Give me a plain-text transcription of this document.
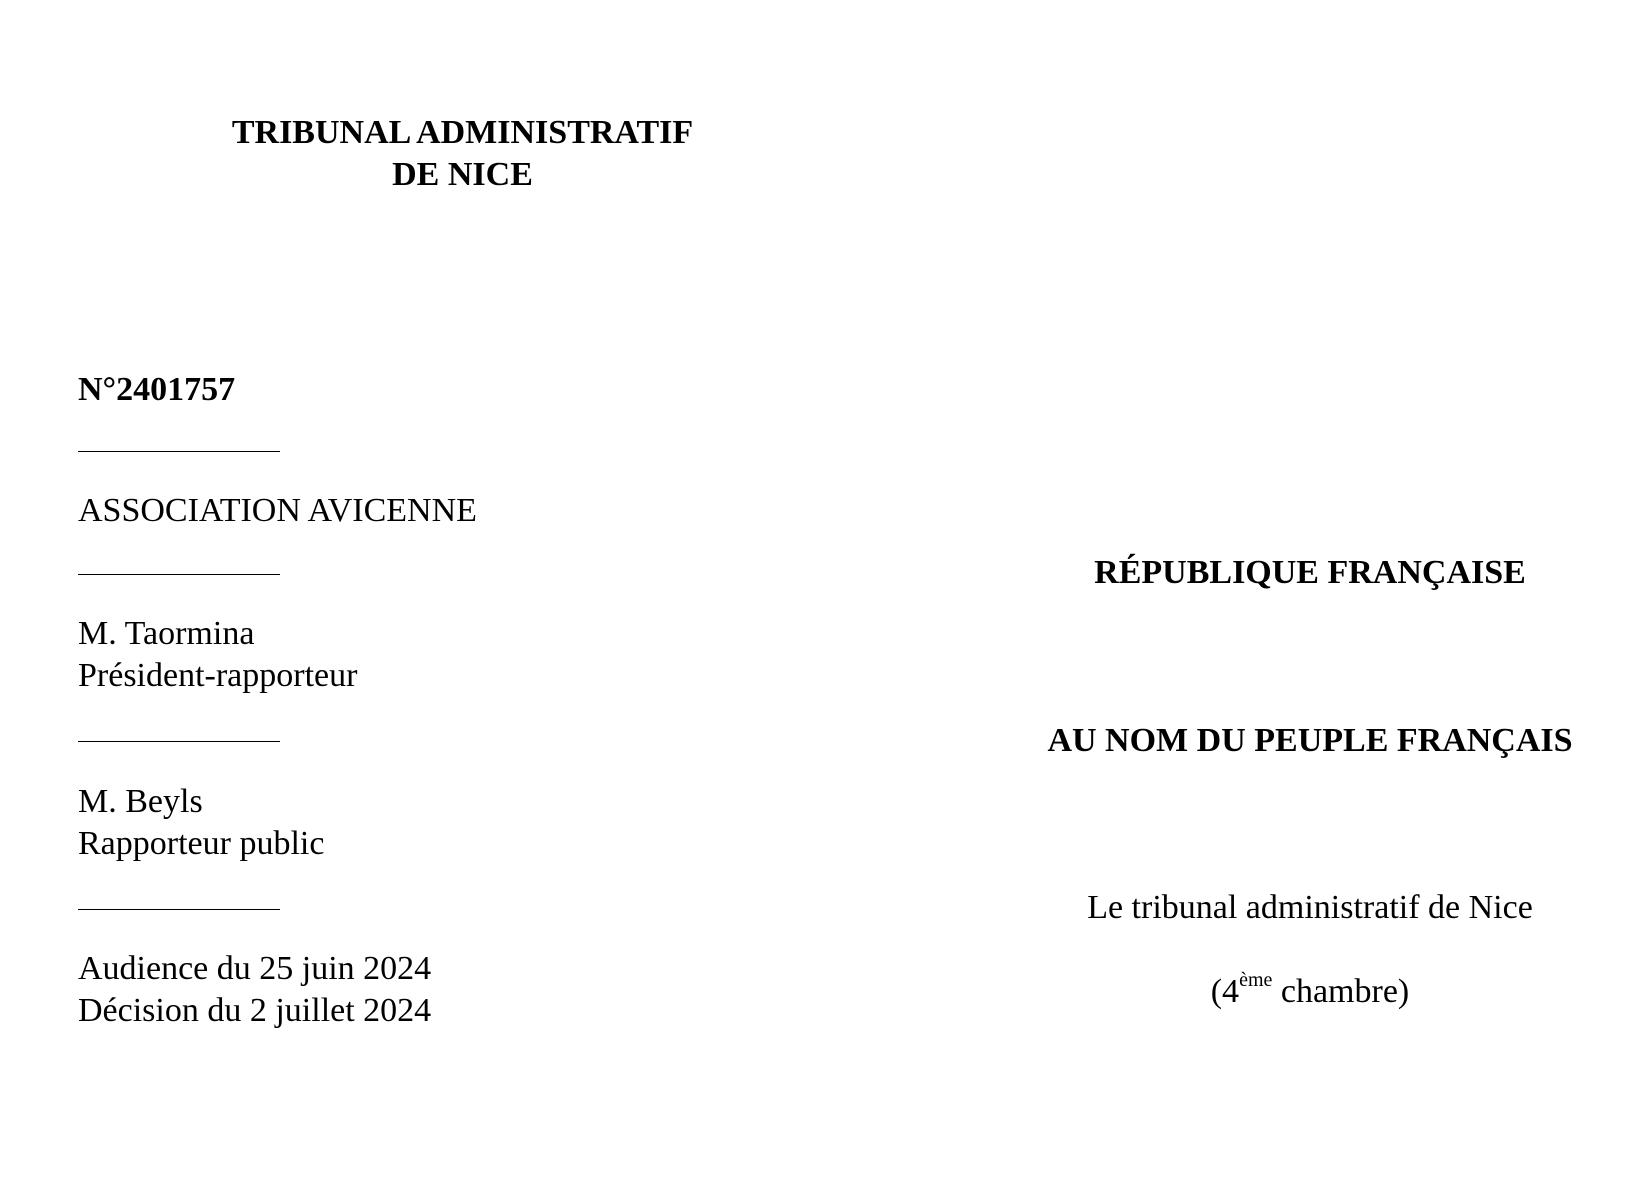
TRIBUNAL ADMINISTRATIF
DE NICE
N°2401757
ASSOCIATION AVICENNE
M. Taormina
Président-rapporteur
M. Beyls
Rapporteur public
Audience du 25 juin 2024
Décision du 2 juillet 2024
RÉPUBLIQUE FRANÇAISE
AU NOM DU PEUPLE FRANÇAIS
Le tribunal administratif de Nice
(4ème chambre)
